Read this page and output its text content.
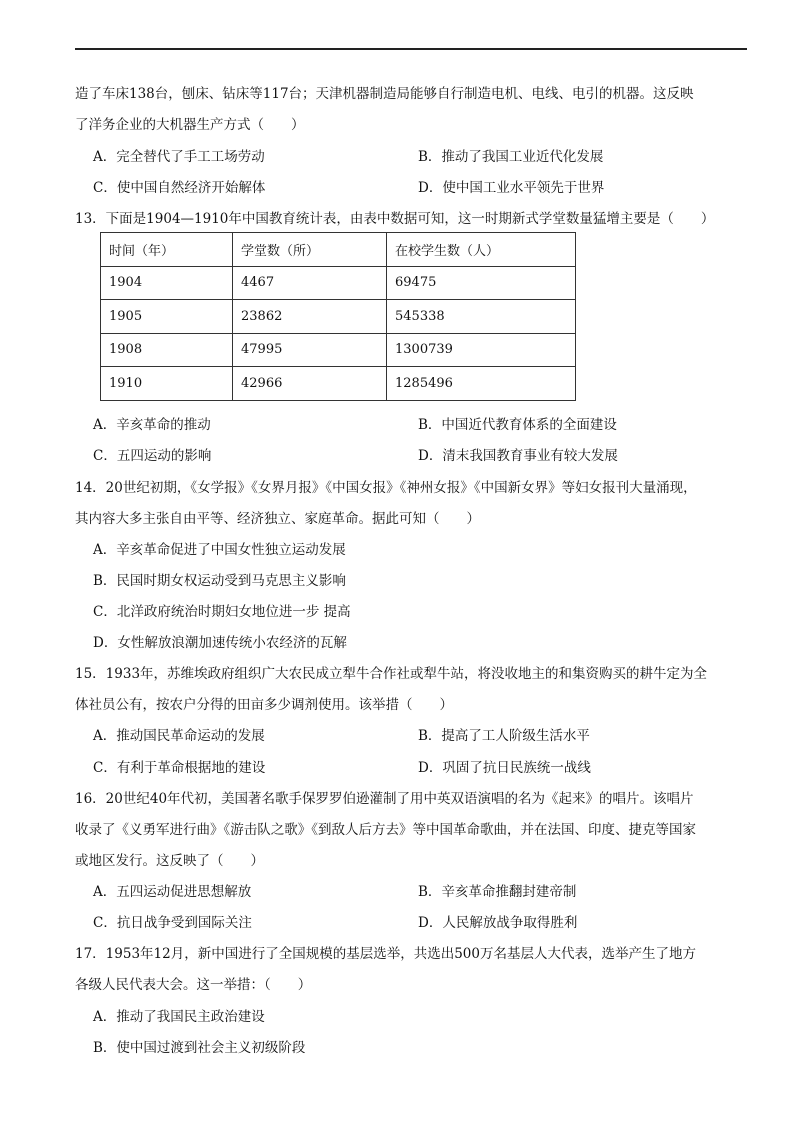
造了车床138台，刨床、钻床等117台；天津机器制造局能够自行制造电机、电线、电引的机器。这反映
了洋务企业的大机器生产方式（　　）
A．完全替代了手工工场劳动	B．推动了我国工业近代化发展
C．使中国自然经济开始解体	D．使中国工业水平领先于世界
13．下面是1904—1910年中国教育统计表，由表中数据可知，这一时期新式学堂数量猛增主要是（　　）
时间（年）	学堂数（所）	在校学生数（人）
1904	4467	69475
1905	23862	545338
1908	47995	1300739
1910	42966	1285496
A．辛亥革命的推动	B．中国近代教育体系的全面建设
C．五四运动的影响	D．清末我国教育事业有较大发展
14．20世纪初期，《女学报》《女界月报》《中国女报》《神州女报》《中国新女界》等妇女报刊大量涌现，
其内容大多主张自由平等、经济独立、家庭革命。据此可知（　　）
A．辛亥革命促进了中国女性独立运动发展
B．民国时期女权运动受到马克思主义影响
C．北洋政府统治时期妇女地位进一步 提高
D．女性解放浪潮加速传统小农经济的瓦解
15．1933年，苏维埃政府组织广大农民成立犁牛合作社或犁牛站，将没收地主的和集资购买的耕牛定为全
体社员公有，按农户分得的田亩多少调剂使用。该举措（　　）
A．推动国民革命运动的发展	B．提高了工人阶级生活水平
C．有利于革命根据地的建设	D．巩固了抗日民族统一战线
16．20世纪40年代初，美国著名歌手保罗罗伯逊灌制了用中英双语演唱的名为《起来》的唱片。该唱片
收录了《义勇军进行曲》《游击队之歌》《到敌人后方去》等中国革命歌曲，并在法国、印度、捷克等国家
或地区发行。这反映了（　　）
A．五四运动促进思想解放	B．辛亥革命推翻封建帝制
C．抗日战争受到国际关注	D．人民解放战争取得胜利
17．1953年12月，新中国进行了全国规模的基层选举，共选出500万名基层人大代表，选举产生了地方
各级人民代表大会。这一举措：（　　）
A．推动了我国民主政治建设
B．使中国过渡到社会主义初级阶段
